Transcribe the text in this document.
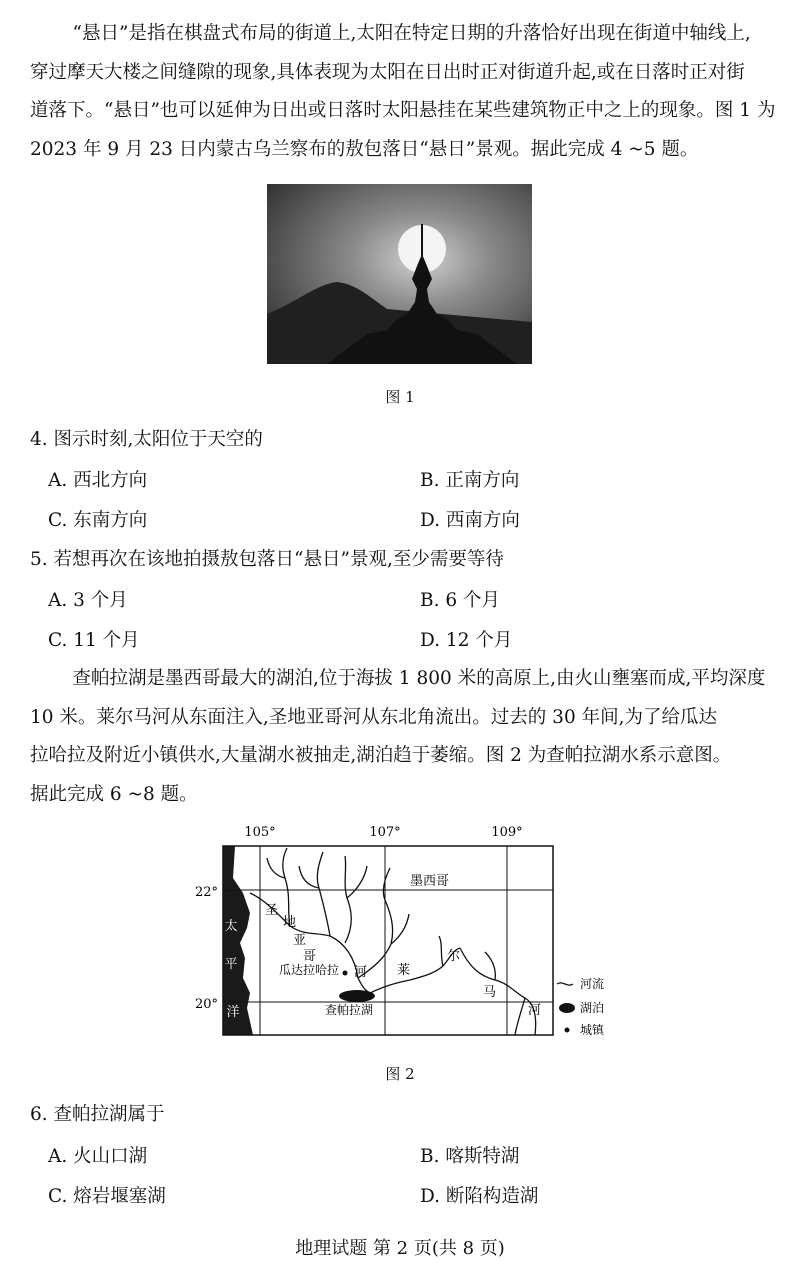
“悬日”是指在棋盘式布局的街道上,太阳在特定日期的升落恰好出现在街道中轴线上,

穿过摩天大楼之间缝隙的现象,具体表现为太阳在日出时正对街道升起,或在日落时正对街

道落下。“悬日”也可以延伸为日出或日落时太阳悬挂在某些建筑物正中之上的现象。图 1 为

2023 年 9 月 23 日内蒙古乌兰察布的敖包落日“悬日”景观。据此完成 4 ~5 题。

图 1
4. 图示时刻,太阳位于天空的
A. 西北方向	B. 正南方向
C. 东南方向	D. 西南方向
5. 若想再次在该地拍摄敖包落日“悬日”景观,至少需要等待
A. 3 个月	B. 6 个月
C. 11 个月	D. 12 个月

查帕拉湖是墨西哥最大的湖泊,位于海拔 1 800 米的高原上,由火山壅塞而成,平均深度

10 米。莱尔马河从东面注入,圣地亚哥河从东北角流出。过去的 30 年间,为了给瓜达

拉哈拉及附近小镇供水,大量湖水被抽走,湖泊趋于萎缩。图 2 为查帕拉湖水系示意图。

据此完成 6 ~8 题。

105°	107°	109°
22°
20°
太
平
洋
墨西哥
圣
地
亚
哥
河
瓜达拉哈拉
查帕拉湖
莱
尔
马
河
河流
湖泊
城镇
图 2
6. 查帕拉湖属于
A. 火山口湖	B. 喀斯特湖
C. 熔岩堰塞湖	D. 断陷构造湖
地理试题 第 2 页(共 8 页)
